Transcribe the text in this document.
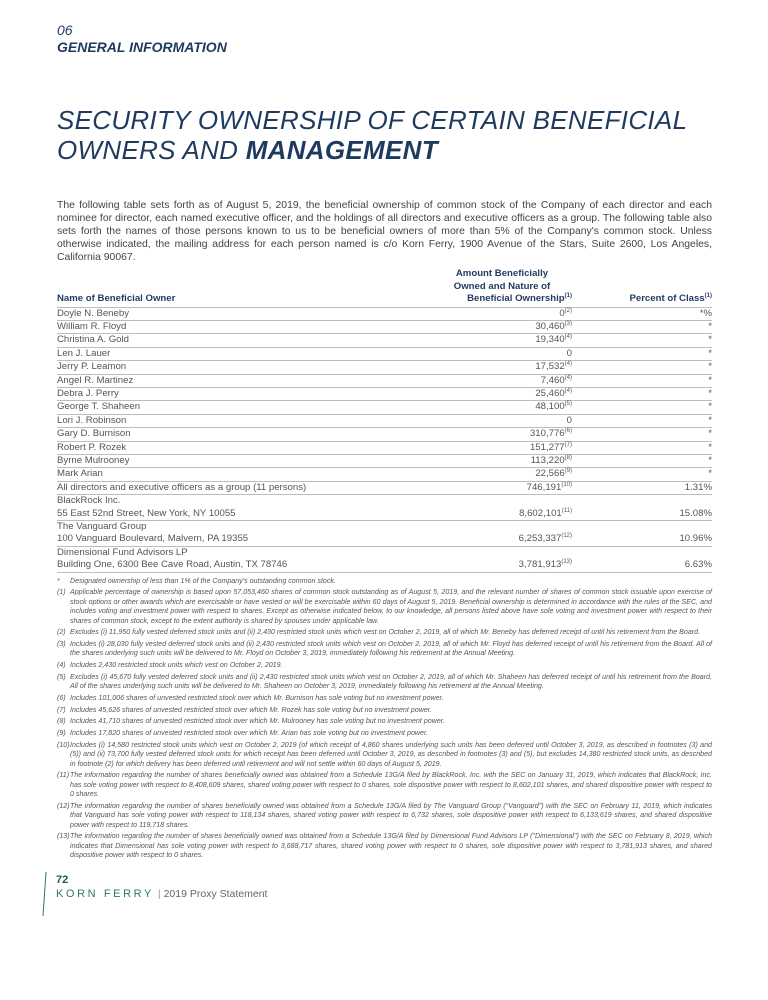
06
GENERAL INFORMATION
SECURITY OWNERSHIP OF CERTAIN BENEFICIAL OWNERS AND MANAGEMENT

The following table sets forth as of August 5, 2019, the beneficial ownership of common stock of the Company of each director and each nominee for director, each named executive officer, and the holdings of all directors and executive officers as a group. The following table also sets forth the names of those persons known to us to be beneficial owners of more than 5% of the Company's common stock. Unless otherwise indicated, the mailing address for each person named is c/o Korn Ferry, 1900 Avenue of the Stars, Suite 2600, Los Angeles, California 90067.

Name of Beneficial Owner	Amount Beneficially
Owned and Nature of
Beneficial Ownership$^{(1)}$	Percent of Class$^{(1)}$
Doyle N. Beneby	0$^{(2)}$	*%
William R. Floyd	30,460$^{(3)}$	*
Christina A. Gold	19,340$^{(4)}$	*
Len J. Lauer	0	*
Jerry P. Leamon	17,532$^{(4)}$	*
Angel R. Martinez	7,460$^{(4)}$	*
Debra J. Perry	25,460$^{(4)}$	*
George T. Shaheen	48,100$^{(5)}$	*
Lori J. Robinson	0	*
Gary D. Burnison	310,776$^{(6)}$	*
Robert P. Rozek	151,277$^{(7)}$	*
Byrne Mulrooney	113,220$^{(8)}$	*
Mark Arian	22,566$^{(9)}$	*
All directors and executive officers as a group (11 persons)	746,191$^{(10)}$	1.31%

BlackRock Inc.
55 East 52nd Street, New York, NY 10055	8,602,101$^{(11)}$	15.08%

The Vanguard Group
100 Vanguard Boulevard, Malvern, PA 19355	6,253,337$^{(12)}$	10.96%

Dimensional Fund Advisors LP
Building One, 6300 Bee Cave Road, Austin, TX 78746	3,781,913$^{(13)}$	6.63%
*	Designated ownership of less than 1% of the Company's outstanding common stock.
(1) Applicable percentage of ownership is based upon 57,053,460 shares of common stock outstanding as of August 5, 2019, and the relevant number of shares of common stock issuable upon exercise of stock options or other awards which are exercisable or have vested or will be exercisable within 60 days of August 5, 2019. Beneficial ownership is determined in accordance with the rules of the SEC, and includes voting and investment power with respect to shares. Except as otherwise indicated below, to our knowledge, all persons listed above have sole voting and investment power with respect to their shares of common stock, except to the extent authority is shared by spouses under applicable law.
(2) Excludes (i) 11,950 fully vested deferred stock units and (ii) 2,430 restricted stock units which vest on October 2, 2019, all of which Mr. Beneby has deferred receipt of until his retirement from the Board.
(3) Includes (i) 28,030 fully vested deferred stock units and (ii) 2,430 restricted stock units which vest on October 2, 2019, all of which Mr. Floyd has deferred receipt of until his retirement from the Board. All of the shares underlying such units will be delivered to Mr. Floyd on October 3, 2019, immediately following his retirement at the Annual Meeting.
(4) Includes 2,430 restricted stock units which vest on October 2, 2019.
(5) Excludes (i) 45,670 fully vested deferred stock units and (ii) 2,430 restricted stock units which vest on October 2, 2019, all of which Mr. Shaheen has deferred receipt of until his retirement from the Board. All of the shares underlying such units will be delivered to Mr. Shaheen on October 3, 2019, immediately following his retirement at the Annual Meeting.
(6) Includes 101,006 shares of unvested restricted stock over which Mr. Burnison has sole voting but no investment power.
(7) Includes 45,626 shares of unvested restricted stock over which Mr. Rozek has sole voting but no investment power.
(8) Includes 41,710 shares of unvested restricted stock over which Mr. Mulrooney has sole voting but no investment power.
(9) Includes 17,820 shares of unvested restricted stock over which Mr. Arian has sole voting but no investment power.
(10) Includes (i) 14,580 restricted stock units which vest on October 2, 2019 (of which receipt of 4,860 shares underlying such units has been deferred until October 3, 2019, as described in footnotes (3) and (5)) and (ii) 73,700 fully vested deferred stock units for which receipt has been deferred until October 3, 2019, as described in footnotes (3) and (5), but excludes 14,380 restricted stock units, as described in footnote (2) for which delivery has been deferred until retirement and will not settle within 60 days of August 5, 2019.
(11) The information regarding the number of shares beneficially owned was obtained from a Schedule 13G/A filed by BlackRock, Inc. with the SEC on January 31, 2019, which indicates that BlackRock, Inc. has sole voting power with respect to 8,408,609 shares, shared voting power with respect to 0 shares, sole dispositive power with respect to 8,602,101 shares, and shared dispositive power with respect to 0 shares.
(12) The information regarding the number of shares beneficially owned was obtained from a Schedule 13G/A filed by The Vanguard Group ("Vanguard") with the SEC on February 11, 2019, which indicates that Vanguard has sole voting power with respect to 118,134 shares, shared voting power with respect to 6,732 shares, sole dispositive power with respect to 6,133,619 shares, and shared dispositive power with respect to 119,718 shares.
(13) The information regarding the number of shares beneficially owned was obtained from a Schedule 13G/A filed by Dimensional Fund Advisors LP ("Dimensional") with the SEC on February 8, 2019, which indicates that Dimensional has sole voting power with respect to 3,688,717 shares, shared voting power with respect to 0 shares, sole dispositive power with respect to 3,781,913 shares, and shared dispositive power with respect to 0 shares.
72
KORN FERRY | 2019 Proxy Statement
